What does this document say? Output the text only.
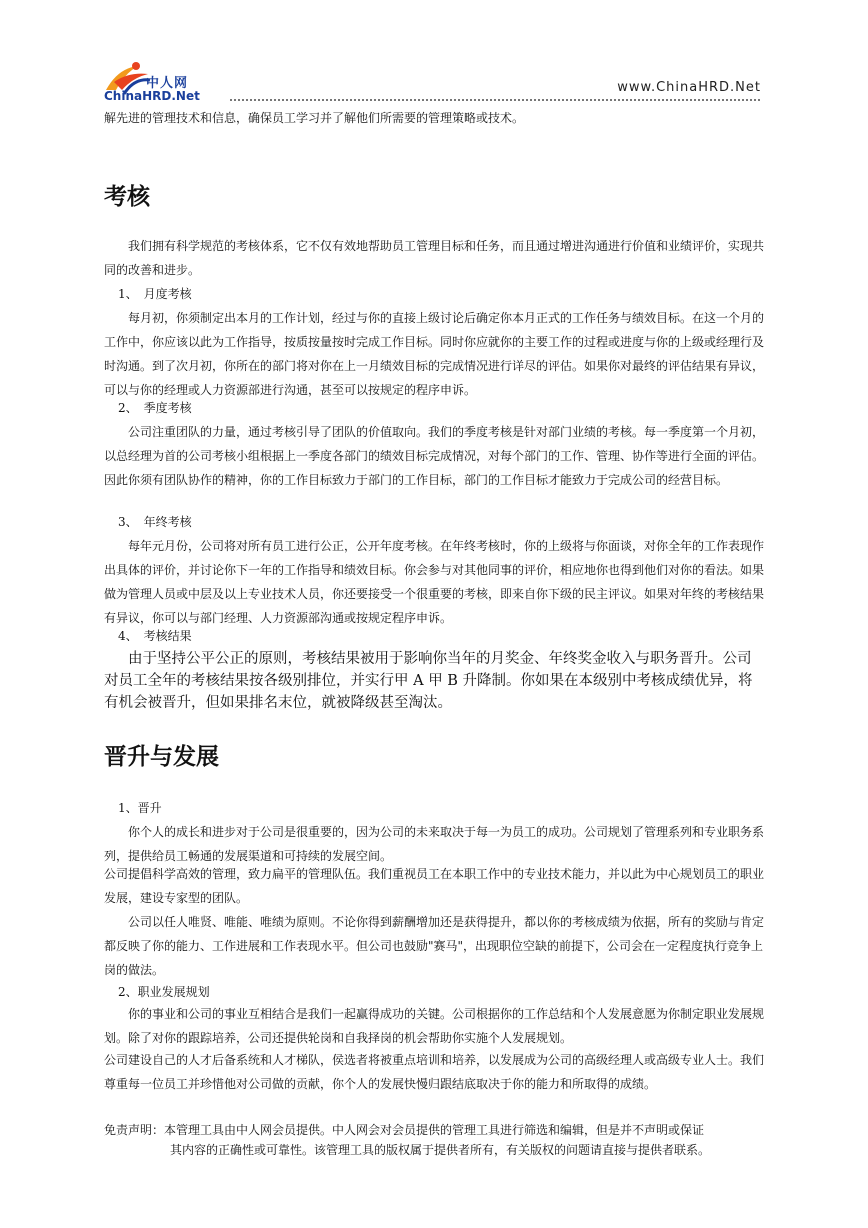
中人网
ChinaHRD.Net
www.ChinaHRD.Net

解先进的管理技术和信息，确保员工学习并了解他们所需要的管理策略或技术。

考核

我们拥有科学规范的考核体系，它不仅有效地帮助员工管理目标和任务，而且通过增进沟通进行价值和业绩评价，实现共同的改善和进步。

1、　月度考核

每月初，你须制定出本月的工作计划，经过与你的直接上级讨论后确定你本月正式的工作任务与绩效目标。在这一个月的工作中，你应该以此为工作指导，按质按量按时完成工作目标。同时你应就你的主要工作的过程或进度与你的上级或经理行及时沟通。到了次月初，你所在的部门将对你在上一月绩效目标的完成情况进行详尽的评估。如果你对最终的评估结果有异议，可以与你的经理或人力资源部进行沟通，甚至可以按规定的程序申诉。

2、　季度考核

公司注重团队的力量，通过考核引导了团队的价值取向。我们的季度考核是针对部门业绩的考核。每一季度第一个月初，以总经理为首的公司考核小组根据上一季度各部门的绩效目标完成情况，对每个部门的工作、管理、协作等进行全面的评估。因此你须有团队协作的精神，你的工作目标致力于部门的工作目标，部门的工作目标才能致力于完成公司的经营目标。

3、　年终考核

每年元月份，公司将对所有员工进行公正，公开年度考核。在年终考核时，你的上级将与你面谈，对你全年的工作表现作出具体的评价，并讨论你下一年的工作指导和绩效目标。你会参与对其他同事的评价，相应地你也得到他们对你的看法。如果做为管理人员或中层及以上专业技术人员，你还要接受一个很重要的考核，即来自你下级的民主评议。如果对年终的考核结果有异议，你可以与部门经理、人力资源部沟通或按规定程序申诉。

4、　考核结果

由于坚持公平公正的原则，考核结果被用于影响你当年的月奖金、年终奖金收入与职务晋升。公司对员工全年的考核结果按各级别排位，并实行甲 A 甲 B 升降制。你如果在本级别中考核成绩优异，将有机会被晋升，但如果排名末位，就被降级甚至淘汰。

晋升与发展
1、晋升

你个人的成长和进步对于公司是很重要的，因为公司的未来取决于每一为员工的成功。公司规划了管理系列和专业职务系列，提供给员工畅通的发展渠道和可持续的发展空间。

公司提倡科学高效的管理，致力扁平的管理队伍。我们重视员工在本职工作中的专业技术能力，并以此为中心规划员工的职业发展，建设专家型的团队。

公司以任人唯贤、唯能、唯绩为原则。不论你得到薪酬增加还是获得提升，都以你的考核成绩为依据，所有的奖励与肯定都反映了你的能力、工作进展和工作表现水平。但公司也鼓励"赛马"，出现职位空缺的前提下，公司会在一定程度执行竞争上岗的做法。

2、职业发展规划

你的事业和公司的事业互相结合是我们一起赢得成功的关键。公司根据你的工作总结和个人发展意愿为你制定职业发展规划。除了对你的跟踪培养，公司还提供轮岗和自我择岗的机会帮助你实施个人发展规划。

公司建设自己的人才后备系统和人才梯队，侯选者将被重点培训和培养，以发展成为公司的高级经理人或高级专业人士。我们尊重每一位员工并珍惜他对公司做的贡献，你个人的发展快慢归跟结底取决于你的能力和所取得的成绩。

免责声明：本管理工具由中人网会员提供。中人网会对会员提供的管理工具进行筛选和编辑，但是并不声明或保证
其内容的正确性或可靠性。该管理工具的版权属于提供者所有，有关版权的问题请直接与提供者联系。
